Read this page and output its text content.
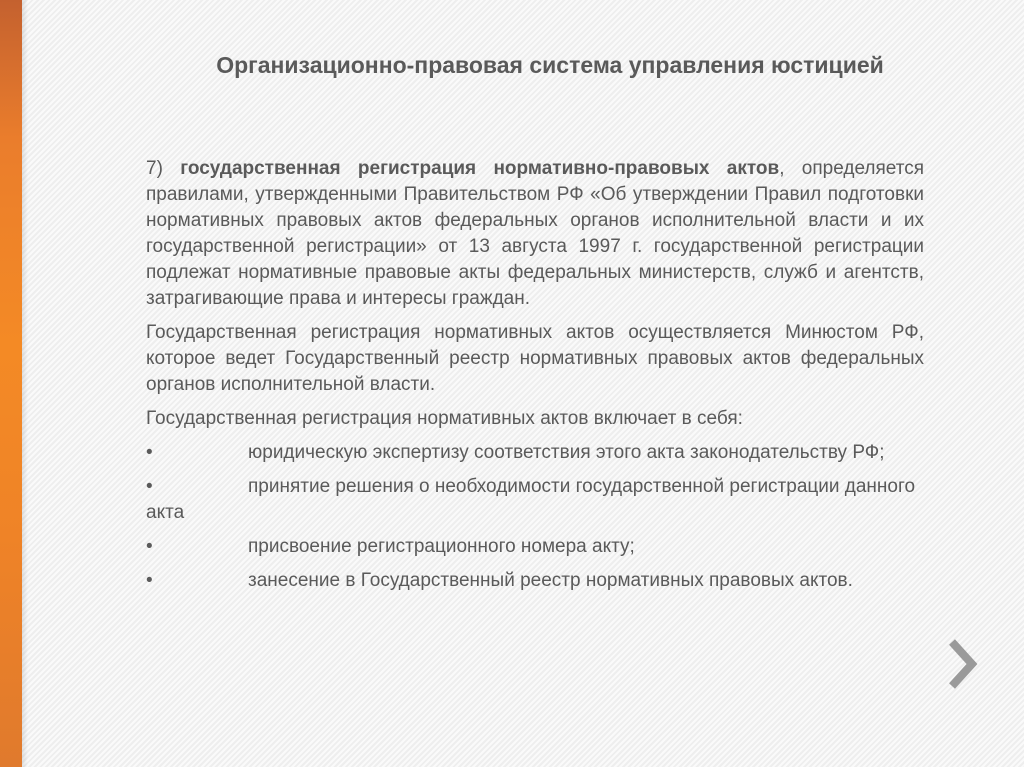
Организационно-правовая система управления юстицией

7) государственная регистрация нормативно-правовых актов, определяется правилами, утвержденными Правительством РФ «Об утверждении Правил подготовки нормативных правовых актов федеральных органов исполнительной власти и их государственной регистрации» от 13 августа 1997 г. государственной регистрации подлежат нормативные правовые акты федеральных министерств, служб и агентств, затрагивающие права и интересы граждан.

Государственная регистрация нормативных актов осуществляется Минюстом РФ, которое ведет Государственный реестр нормативных правовых актов федеральных органов исполнительной власти.

Государственная регистрация нормативных актов включает в себя:

•	юридическую экспертизу соответствия этого акта законодательству РФ;
•	принятие решения о необходимости государственной регистрации данного акта
•	присвоение регистрационного номера акту;
•	занесение в Государственный реестр нормативных правовых актов.
